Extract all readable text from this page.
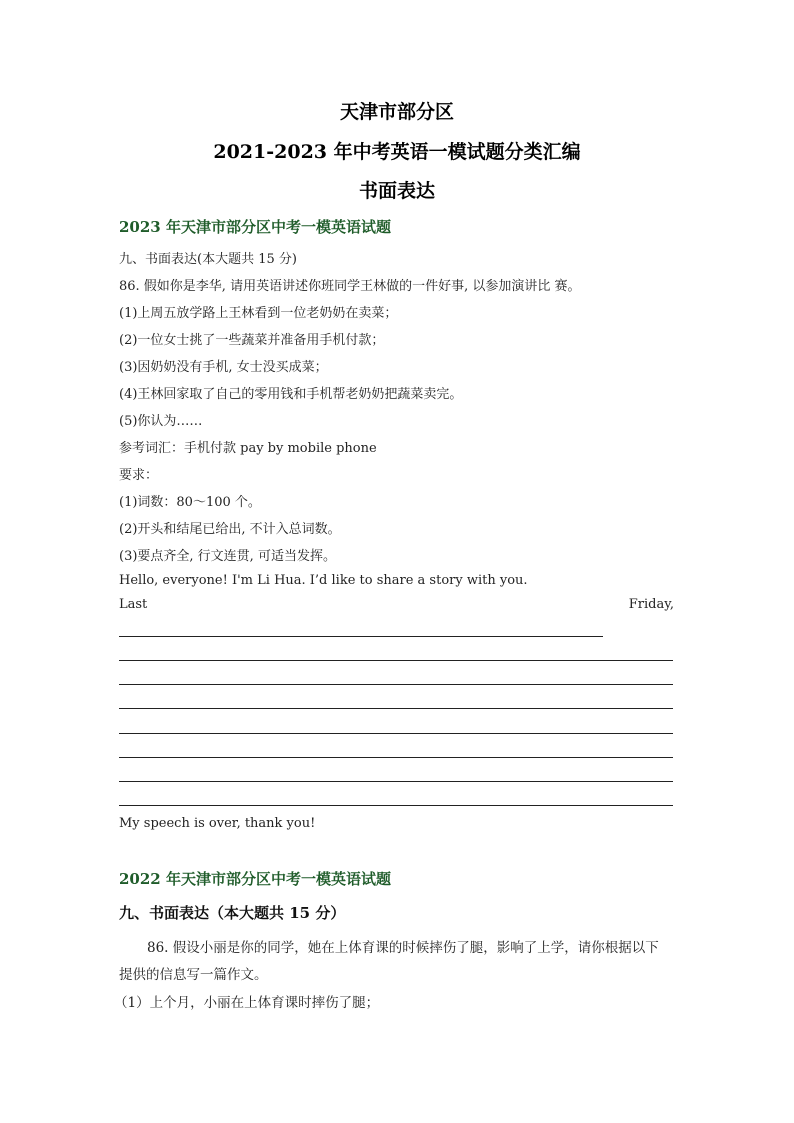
天津市部分区
2021-2023 年中考英语一模试题分类汇编
书面表达
2023 年天津市部分区中考一模英语试题
九、书面表达(本大题共 15 分)
86. 假如你是李华, 请用英语讲述你班同学王林做的一件好事, 以参加演讲比 赛。
(1)上周五放学路上王林看到一位老奶奶在卖菜；
(2)一位女士挑了一些蔬菜并准备用手机付款；
(3)因奶奶没有手机, 女士没买成菜；
(4)王林回家取了自己的零用钱和手机帮老奶奶把蔬菜卖完。
(5)你认为……
参考词汇：手机付款 pay by mobile phone
要求：
(1)词数：80～100 个。
(2)开头和结尾已给出, 不计入总词数。
(3)要点齐全, 行文连贯, 可适当发挥。
Hello, everyone! I'm Li Hua. I’d like to share a story with you.
Last	Friday,
My speech is over, thank you!
2022 年天津市部分区中考一模英语试题
九、书面表达（本大题共 15 分）
86. 假设小丽是你的同学，她在上体育课的时候摔伤了腿，影响了上学，请你根据以下
提供的信息写一篇作文。
（1）上个月，小丽在上体育课时摔伤了腿；
